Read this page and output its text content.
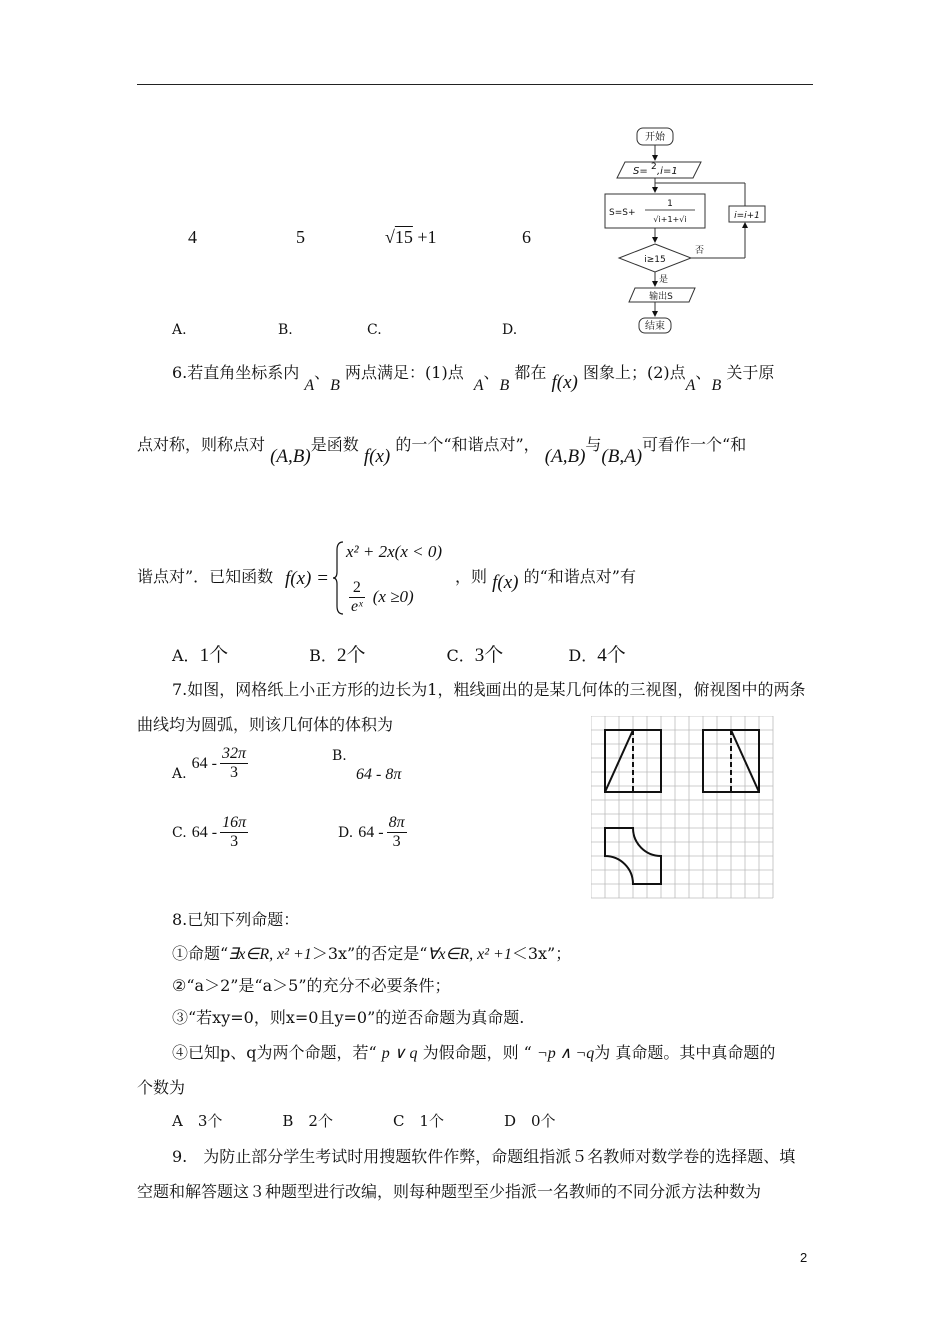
4	5	√15 +1	6
A.	B.	C.	D.
开始
S= 2 ,i=1
S=S+
1
√i+1+√i
i≥15
否
是
i=i+1
输出S
结束
6.若直角坐标系内 A、B 两点满足：(1)点A、B 都在 f(x) 图象上；(2)点A、B 关于原
点对称，则称点对 (A,B)是函数 f(x) 的一个“和谐点对”， (A,B)与(B,A)可看作一个“和
谐点对”．已知函数 f(x) =
x² + 2x(x < 0)
$\frac{2}{\text{eˣ}} (x \ge 0)$
，则 f(x) 的“和谐点对”有
A．1个	B．2个	C．3个	D．4个
7.如图，网格纸上小正方形的边长为1，粗线画出的是某几何体的三视图，俯视图中的两条
曲线均为圆弧，则该几何体的体积为
A. $64 - \frac{32\pi}{3}$	B.
64 - 8π
C. $64 - \frac{16\pi}{3}$	D. $64 - \frac{8\pi}{3}$
8.已知下列命题：
①命题“∃x∈R, x² +1＞3x”的否定是“∀x∈R, x² +1＜3x”；
②“a＞2”是“a＞5”的充分不必要条件；
③“若xy=0，则x=0且y=0”的逆否命题为真命题.
④已知p、q为两个命题，若“ p ∨ q 为假命题，则 “ ¬p ∧ ¬q为 真命题。其中真命题的
个数为
A　3个　　　　B　2个　　　　C　1个　　　　D　0个
9.　为防止部分学生考试时用搜题软件作弊，命题组指派５名教师对数学卷的选择题、填
空题和解答题这３种题型进行改编，则每种题型至少指派一名教师的不同分派方法种数为
2
